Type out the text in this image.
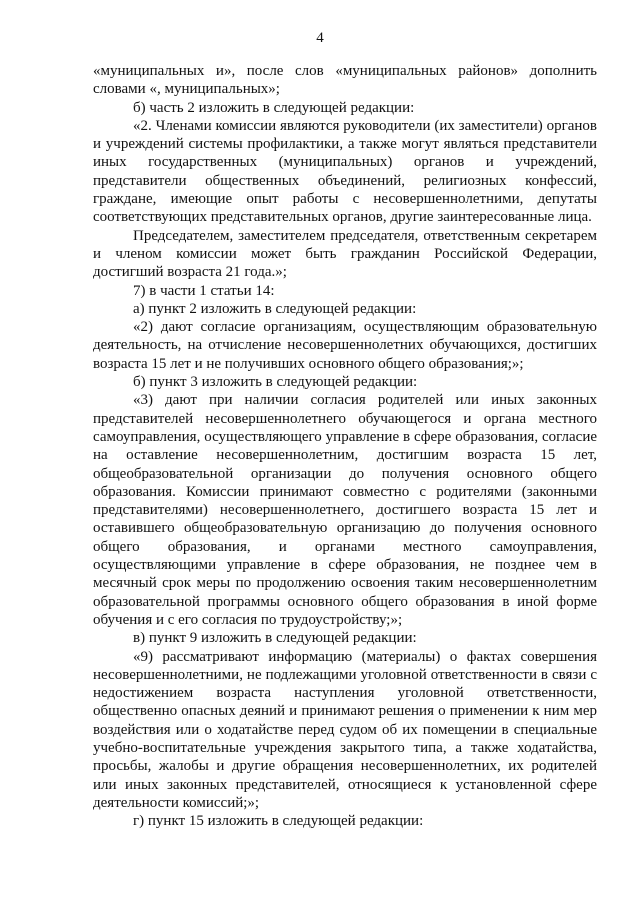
4

«муниципальных и», после слов «муниципальных районов» дополнить словами «, муниципальных»;

б) часть 2 изложить в следующей редакции:

«2. Членами комиссии являются руководители (их заместители) органов и учреждений системы профилактики, а также могут являться представители иных государственных (муниципальных) органов и учреждений, представители общественных объединений, религиозных конфессий, граждане, имеющие опыт работы с несовершеннолетними, депутаты соответствующих представительных органов, другие заинтересованные лица.

Председателем, заместителем председателя, ответственным секретарем и членом комиссии может быть гражданин Российской Федерации, достигший возраста 21 года.»;

7) в части 1 статьи 14:

а) пункт 2 изложить в следующей редакции:

«2) дают согласие организациям, осуществляющим образовательную деятельность, на отчисление несовершеннолетних обучающихся, достигших возраста 15 лет и не получивших основного общего образования;»;

б) пункт 3 изложить в следующей редакции:

«3) дают при наличии согласия родителей или иных законных представителей несовершеннолетнего обучающегося и органа местного самоуправления, осуществляющего управление в сфере образования, согласие на оставление несовершеннолетним, достигшим возраста 15 лет, общеобразовательной организации до получения основного общего образования. Комиссии принимают совместно с родителями (законными представителями) несовершеннолетнего, достигшего возраста 15 лет и оставившего общеобразовательную организацию до получения основного общего образования, и органами местного самоуправления, осуществляющими управление в сфере образования, не позднее чем в месячный срок меры по продолжению освоения таким несовершеннолетним образовательной программы основного общего образования в иной форме обучения и с его согласия по трудоустройству;»;

в) пункт 9 изложить в следующей редакции:

«9) рассматривают информацию (материалы) о фактах совершения несовершеннолетними, не подлежащими уголовной ответственности в связи с недостижением возраста наступления уголовной ответственности, общественно опасных деяний и принимают решения о применении к ним мер воздействия или о ходатайстве перед судом об их помещении в специальные учебно-воспитательные учреждения закрытого типа, а также ходатайства, просьбы, жалобы и другие обращения несовершеннолетних, их родителей или иных законных представителей, относящиеся к установленной сфере деятельности комиссий;»;

г) пункт 15 изложить в следующей редакции:
